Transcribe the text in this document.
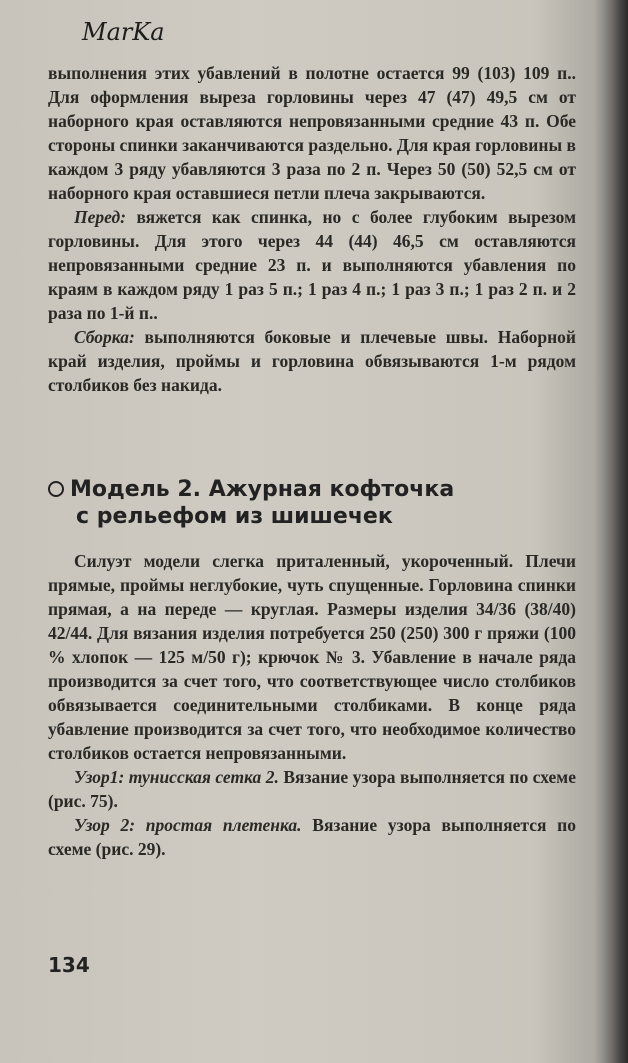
MarKa

выполнения этих убавлений в полотне остается 99 (103) 109 п.. Для оформления выреза горловины через 47 (47) 49,5 см от наборного края оставляются непровязанными средние 43 п. Обе стороны спинки заканчиваются раздельно. Для края горловины в каждом 3 ряду убавляются 3 раза по 2 п. Через 50 (50) 52,5 см от наборного края оставшиеся петли плеча закрываются.

Перед: вяжется как спинка, но с более глубоким вырезом горловины. Для этого через 44 (44) 46,5 см оставляются непровязанными средние 23 п. и выполняются убавления по краям в каждом ряду 1 раз 5 п.; 1 раз 4 п.; 1 раз 3 п.; 1 раз 2 п. и 2 раза по 1-й п..

Сборка: выполняются боковые и плечевые швы. Наборной край изделия, проймы и горловина обвязываются 1-м рядом столбиков без накида.

Модель 2. Ажурная кофточка
с рельефом из шишечек

Силуэт модели слегка приталенный, укороченный. Плечи прямые, проймы неглубокие, чуть спущенные. Горловина спинки прямая, а на переде — круглая. Размеры изделия 34/36 (38/40) 42/44. Для вязания изделия потребуется 250 (250) 300 г пряжи (100 % хлопок — 125 м/50 г); крючок № 3. Убавление в начале ряда производится за счет того, что соответствующее число столбиков обвязывается соединительными столбиками. В конце ряда убавление производится за счет того, что необходимое количество столбиков остается непровязанными.

Узор1: тунисская сетка 2. Вязание узора выполняется по схеме (рис. 75).

Узор 2: простая плетенка. Вязание узора выполняется по схеме (рис. 29).

134
